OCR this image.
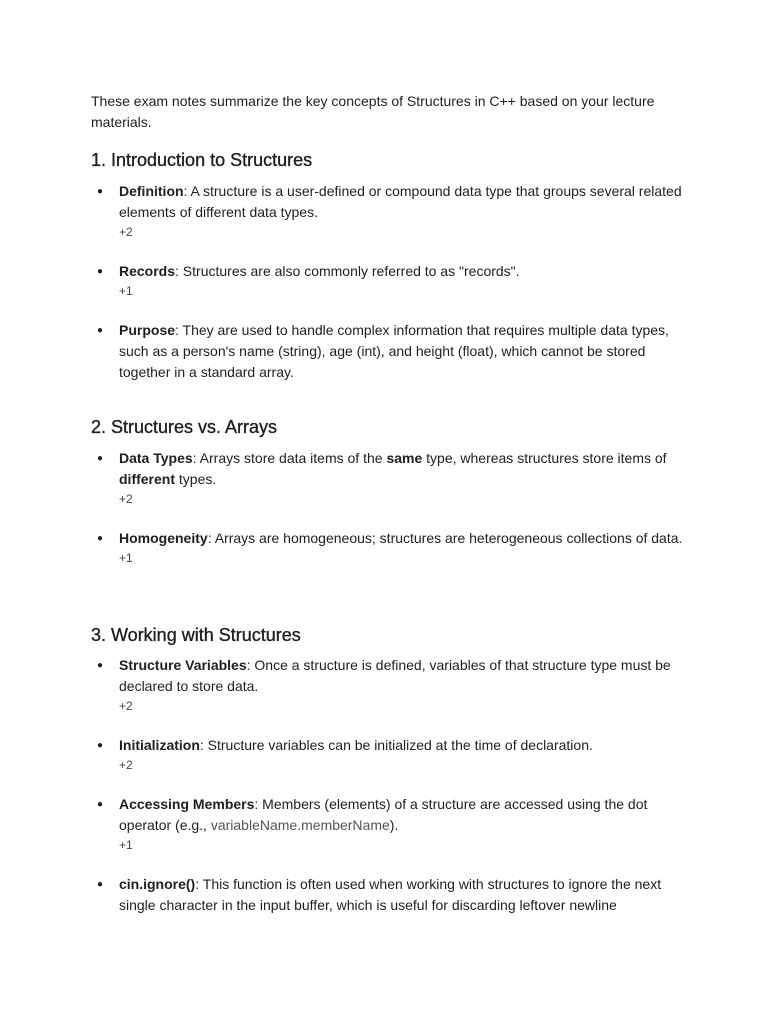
These exam notes summarize the key concepts of Structures in C++ based on your lecture materials.

1. Introduction to Structures
● Definition: A structure is a user-defined or compound data type that groups several related elements of different data types.
+2
● Records: Structures are also commonly referred to as "records".
+1
● Purpose: They are used to handle complex information that requires multiple data types, such as a person's name (string), age (int), and height (float), which cannot be stored together in a standard array.
2. Structures vs. Arrays
● Data Types: Arrays store data items of the same type, whereas structures store items of different types.
+2
● Homogeneity: Arrays are homogeneous; structures are heterogeneous collections of data.
+1
3. Working with Structures
● Structure Variables: Once a structure is defined, variables of that structure type must be declared to store data.
+2
● Initialization: Structure variables can be initialized at the time of declaration.
+2
● Accessing Members: Members (elements) of a structure are accessed using the dot operator (e.g., variableName.memberName).
+1
● cin.ignore(): This function is often used when working with structures to ignore the next single character in the input buffer, which is useful for discarding leftover newline
